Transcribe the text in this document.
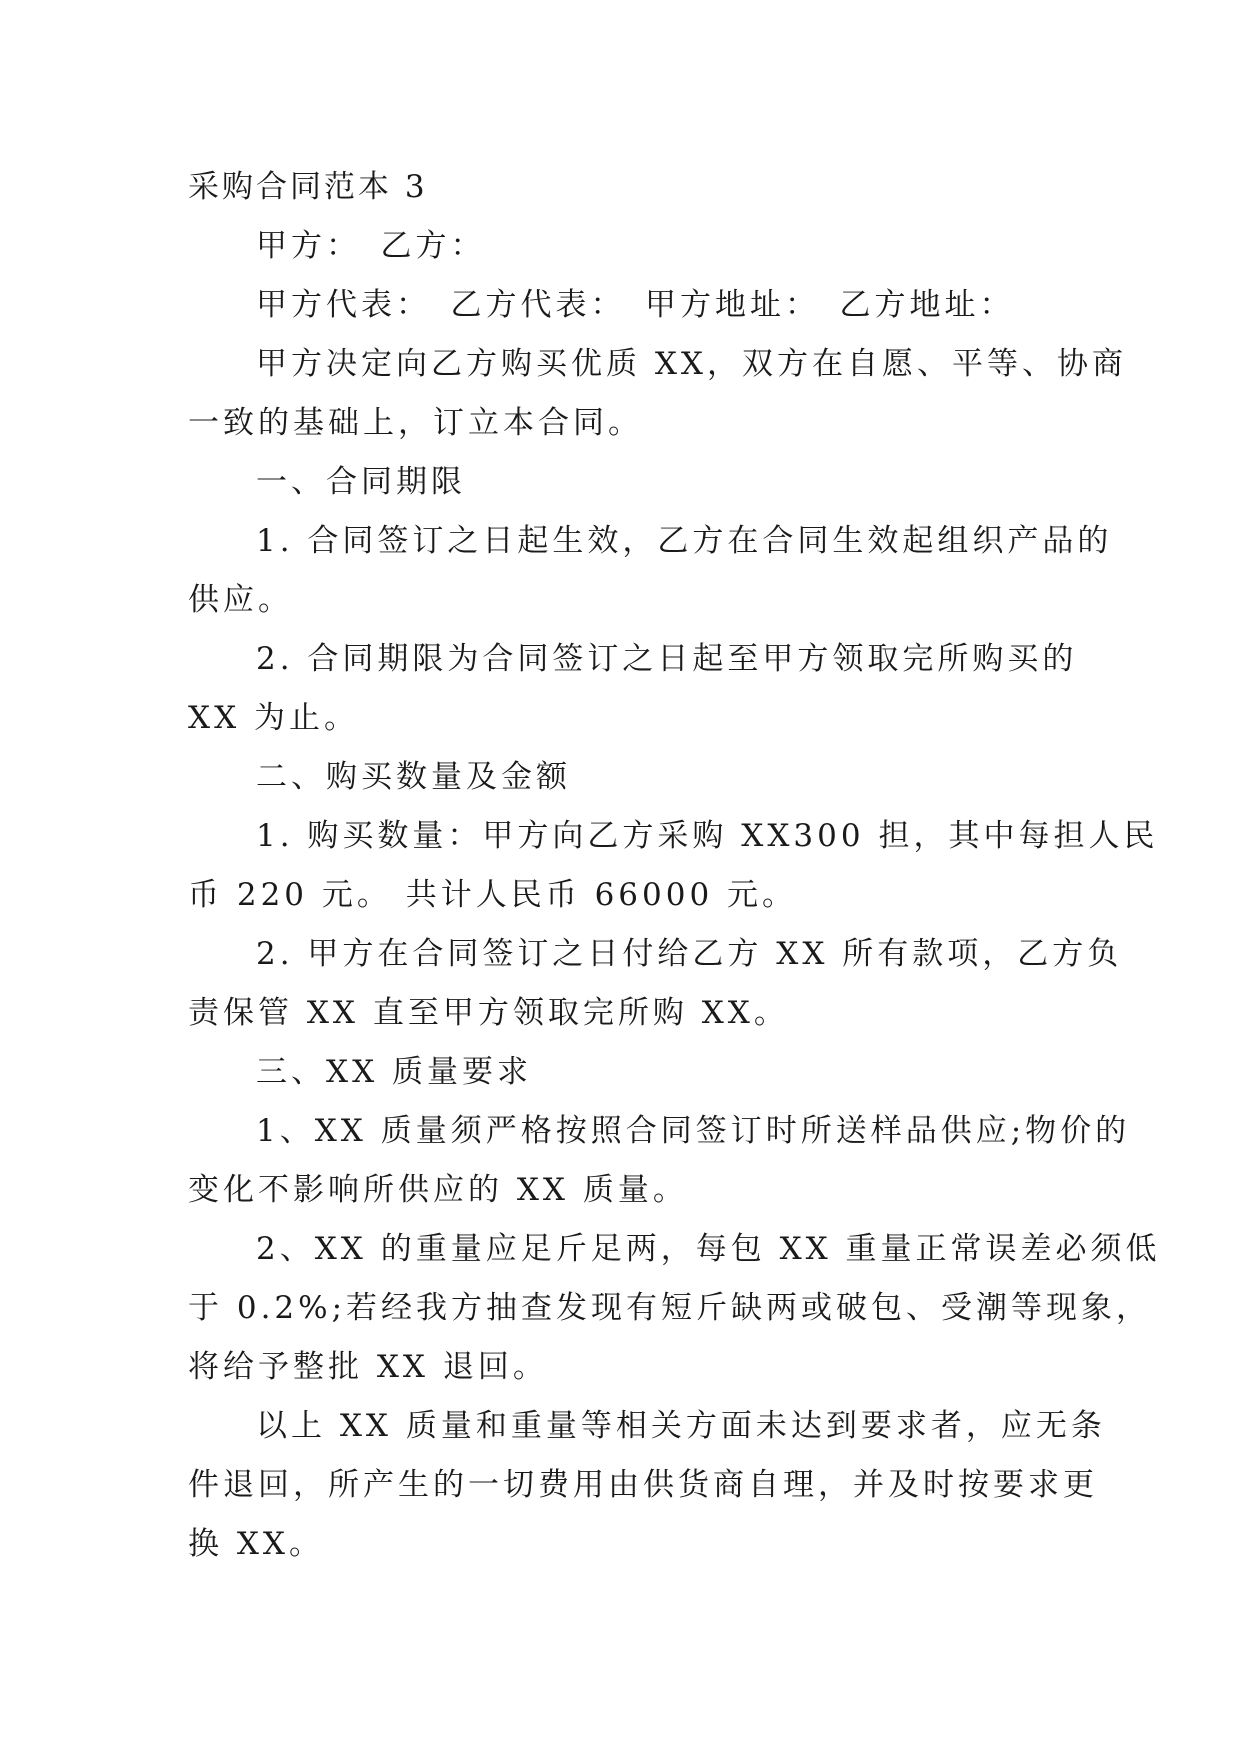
采购合同范本 3
甲方：　乙方：
甲方代表：　乙方代表：　甲方地址：　乙方地址：
甲方决定向乙方购买优质 XX，双方在自愿、平等、协商
一致的基础上，订立本合同。
一、合同期限
1. 合同签订之日起生效，乙方在合同生效起组织产品的
供应。
2. 合同期限为合同签订之日起至甲方领取完所购买的
XX 为止。
二、购买数量及金额
1. 购买数量：甲方向乙方采购 XX300 担，其中每担人民
币 220 元。 共计人民币 66000 元。
2. 甲方在合同签订之日付给乙方 XX 所有款项，乙方负
责保管 XX 直至甲方领取完所购 XX。
三、XX 质量要求
1、XX 质量须严格按照合同签订时所送样品供应;物价的
变化不影响所供应的 XX 质量。
2、XX 的重量应足斤足两，每包 XX 重量正常误差必须低
于 0.2%;若经我方抽查发现有短斤缺两或破包、受潮等现象，
将给予整批 XX 退回。
以上 XX 质量和重量等相关方面未达到要求者，应无条
件退回，所产生的一切费用由供货商自理，并及时按要求更
换 XX。
